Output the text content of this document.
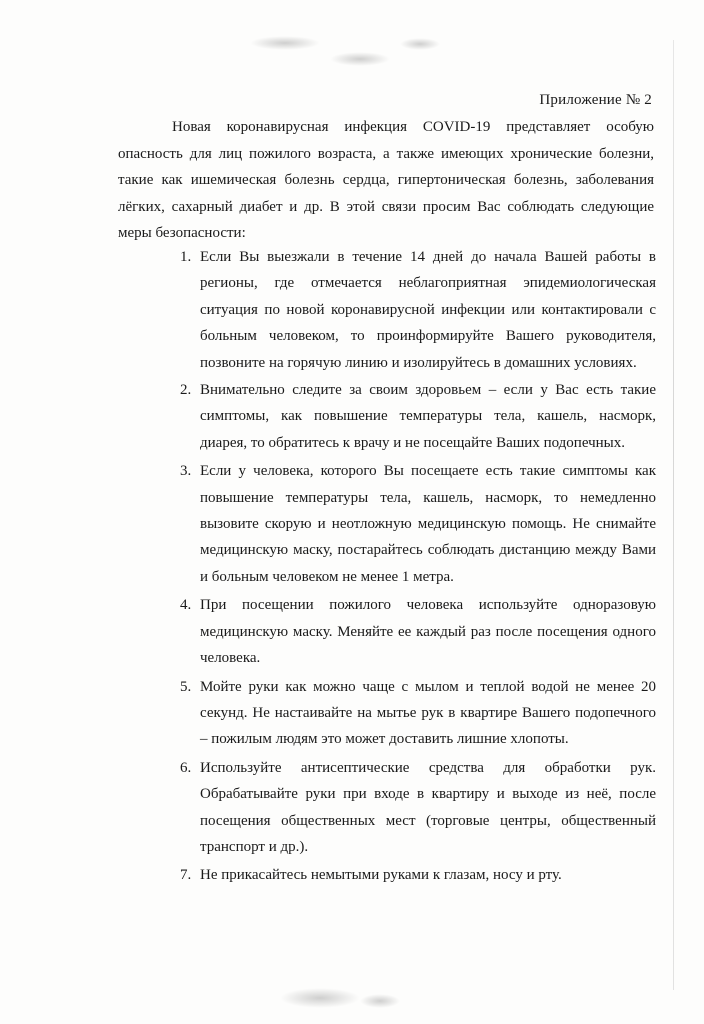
Приложение № 2

Новая коронавирусная инфекция COVID-19 представляет особую опасность для лиц пожилого возраста, а также имеющих хронические болезни, такие как ишемическая болезнь сердца, гипертоническая болезнь, заболевания лёгких, сахарный диабет и др. В этой связи просим Вас соблюдать следующие меры безопасности:

1. Если Вы выезжали в течение 14 дней до начала Вашей работы в регионы, где отмечается неблагоприятная эпидемиологическая ситуация по новой коронавирусной инфекции или контактировали с больным человеком, то проинформируйте Вашего руководителя, позвоните на горячую линию и изолируйтесь в домашних условиях.
2. Внимательно следите за своим здоровьем – если у Вас есть такие симптомы, как повышение температуры тела, кашель, насморк, диарея, то обратитесь к врачу и не посещайте Ваших подопечных.
3. Если у человека, которого Вы посещаете есть такие симптомы как повышение температуры тела, кашель, насморк, то немедленно вызовите скорую и неотложную медицинскую помощь. Не снимайте медицинскую маску, постарайтесь соблюдать дистанцию между Вами и больным человеком не менее 1 метра.
4. При посещении пожилого человека используйте одноразовую медицинскую маску. Меняйте ее каждый раз после посещения одного человека.
5. Мойте руки как можно чаще с мылом и теплой водой не менее 20 секунд. Не настаивайте на мытье рук в квартире Вашего подопечного – пожилым людям это может доставить лишние хлопоты.
6. Используйте антисептические средства для обработки рук. Обрабатывайте руки при входе в квартиру и выходе из неё, после посещения общественных мест (торговые центры, общественный транспорт и др.).
7. Не прикасайтесь немытыми руками к глазам, носу и рту.
